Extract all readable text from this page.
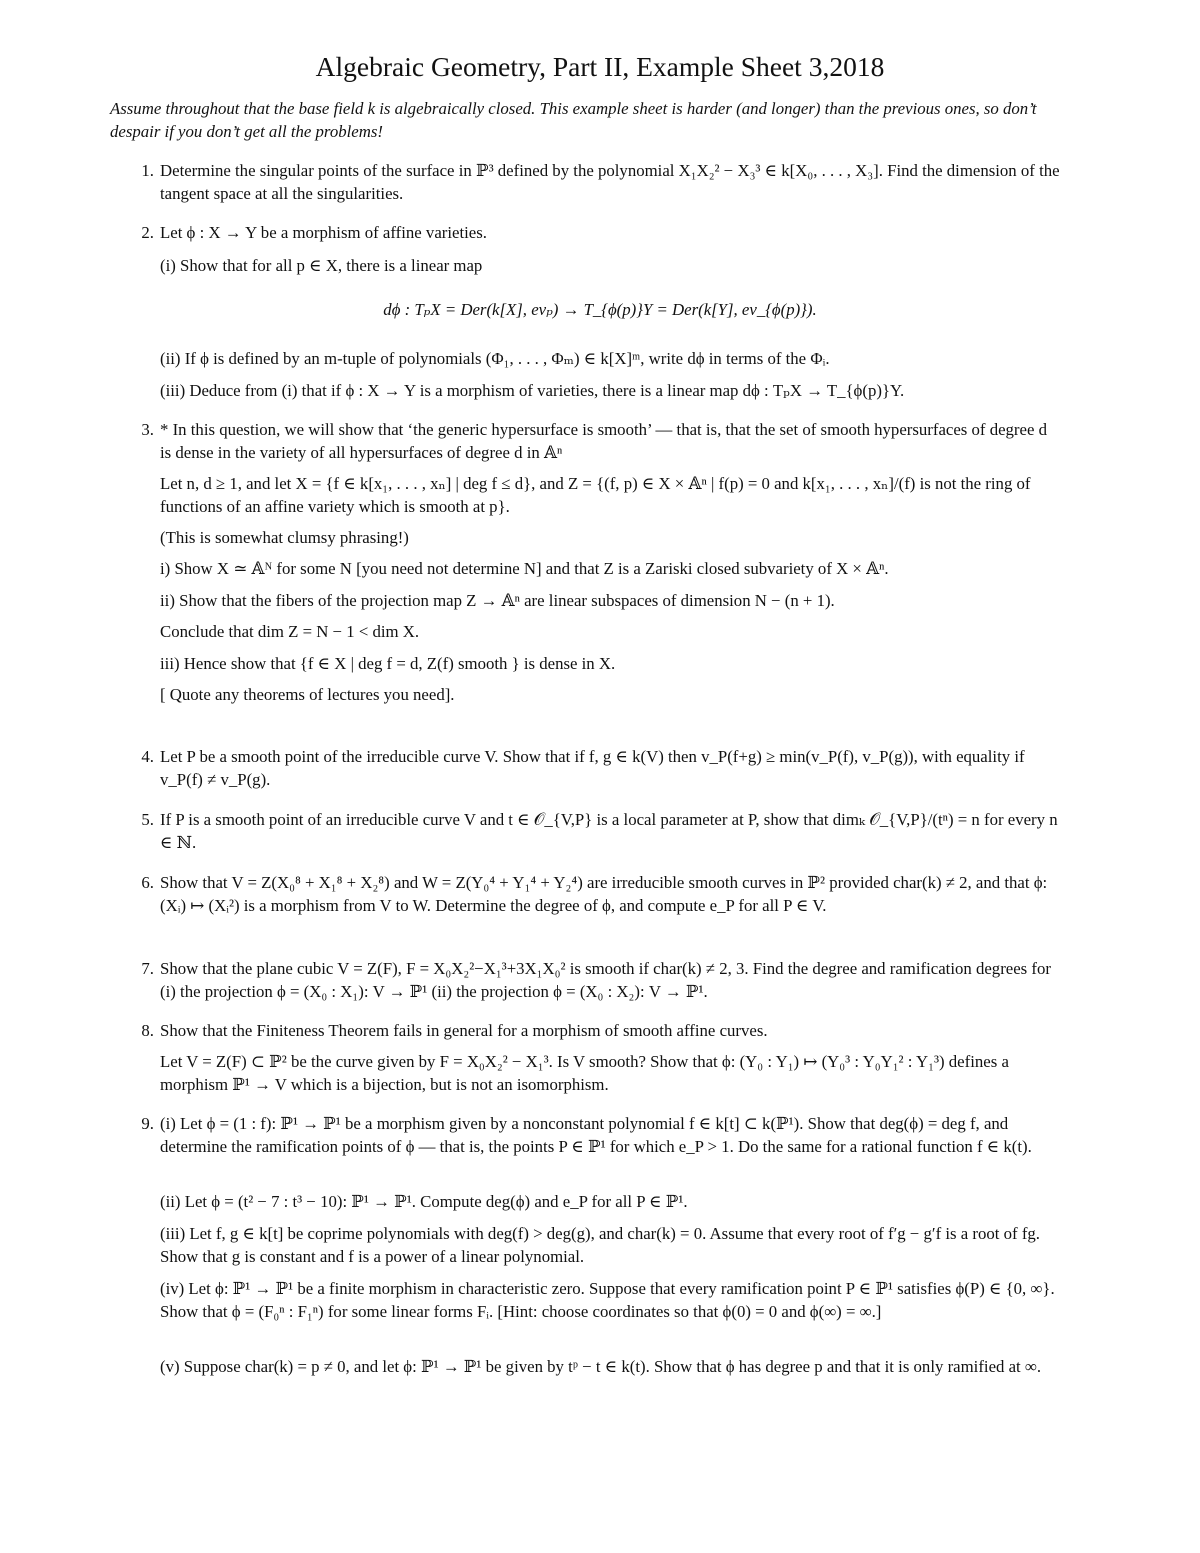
Algebraic Geometry, Part II, Example Sheet 3,2018
Assume throughout that the base field k is algebraically closed. This example sheet is harder (and longer) than the previous ones, so don’t despair if you don’t get all the problems!
1. Determine the singular points of the surface in ℙ³ defined by the polynomial X₁X₂² − X₃³ ∈ k[X₀, . . . , X₃]. Find the dimension of the tangent space at all the singularities.

2. Let ϕ : X → Y be a morphism of affine varieties.

(i) Show that for all p ∈ X, there is a linear map
dϕ : TₚX = Der(k[X], evₚ) → T_{ϕ(p)}Y = Der(k[Y], ev_{ϕ(p)}).
(ii) If ϕ is defined by an m-tuple of polynomials (Φ₁, . . . , Φₘ) ∈ k[X]ᵐ, write dϕ in terms of the Φᵢ.
(iii) Deduce from (i) that if ϕ : X → Y is a morphism of varieties, there is a linear map dϕ : TₚX → T_{ϕ(p)}Y.
3. * In this question, we will show that ‘the generic hypersurface is smooth’ — that is, that the set of smooth hypersurfaces of degree d is dense in the variety of all hypersurfaces of degree d in 𝔸ⁿ

Let n, d ≥ 1, and let X = {f ∈ k[x₁, . . . , xₙ] | deg f ≤ d}, and Z = {(f, p) ∈ X × 𝔸ⁿ | f(p) = 0 and k[x₁, . . . , xₙ]/(f) is not the ring of functions of an affine variety which is smooth at p}.
(This is somewhat clumsy phrasing!)
i) Show X ≃ 𝔸ᴺ for some N [you need not determine N] and that Z is a Zariski closed subvariety of X × 𝔸ⁿ.
ii) Show that the fibers of the projection map Z → 𝔸ⁿ are linear subspaces of dimension N − (n + 1).
Conclude that dim Z = N − 1 < dim X.
iii) Hence show that {f ∈ X | deg f = d, Z(f) smooth } is dense in X.
[ Quote any theorems of lectures you need].
4. Let P be a smooth point of the irreducible curve V. Show that if f, g ∈ k(V) then v_P(f+g) ≥ min(v_P(f), v_P(g)), with equality if v_P(f) ≠ v_P(g).

5. If P is a smooth point of an irreducible curve V and t ∈ 𝒪_{V,P} is a local parameter at P, show that dimₖ 𝒪_{V,P}/(tⁿ) = n for every n ∈ ℕ.

6. Show that V = Z(X₀⁸ + X₁⁸ + X₂⁸) and W = Z(Y₀⁴ + Y₁⁴ + Y₂⁴) are irreducible smooth curves in ℙ² provided char(k) ≠ 2, and that ϕ: (Xᵢ) ↦ (Xᵢ²) is a morphism from V to W. Determine the degree of ϕ, and compute e_P for all P ∈ V.

7. Show that the plane cubic V = Z(F), F = X₀X₂²−X₁³+3X₁X₀² is smooth if char(k) ≠ 2, 3. Find the degree and ramification degrees for (i) the projection ϕ = (X₀ : X₁): V → ℙ¹ (ii) the projection ϕ = (X₀ : X₂): V → ℙ¹.

8. Show that the Finiteness Theorem fails in general for a morphism of smooth affine curves.

Let V = Z(F) ⊂ ℙ² be the curve given by F = X₀X₂² − X₁³. Is V smooth? Show that ϕ: (Y₀ : Y₁) ↦ (Y₀³ : Y₀Y₁² : Y₁³) defines a morphism ℙ¹ → V which is a bijection, but is not an isomorphism.
9. (i) Let ϕ = (1 : f): ℙ¹ → ℙ¹ be a morphism given by a nonconstant polynomial f ∈ k[t] ⊂ k(ℙ¹). Show that deg(ϕ) = deg f, and determine the ramification points of ϕ — that is, the points P ∈ ℙ¹ for which e_P > 1. Do the same for a rational function f ∈ k(t).

(ii) Let ϕ = (t² − 7 : t³ − 10): ℙ¹ → ℙ¹. Compute deg(ϕ) and e_P for all P ∈ ℙ¹.
(iii) Let f, g ∈ k[t] be coprime polynomials with deg(f) > deg(g), and char(k) = 0. Assume that every root of f′g − g′f is a root of fg. Show that g is constant and f is a power of a linear polynomial.
(iv) Let ϕ: ℙ¹ → ℙ¹ be a finite morphism in characteristic zero. Suppose that every ramification point P ∈ ℙ¹ satisfies ϕ(P) ∈ {0, ∞}. Show that ϕ = (F₀ⁿ : F₁ⁿ) for some linear forms Fᵢ. [Hint: choose coordinates so that ϕ(0) = 0 and ϕ(∞) = ∞.]
(v) Suppose char(k) = p ≠ 0, and let ϕ: ℙ¹ → ℙ¹ be given by tᵖ − t ∈ k(t). Show that ϕ has degree p and that it is only ramified at ∞.
